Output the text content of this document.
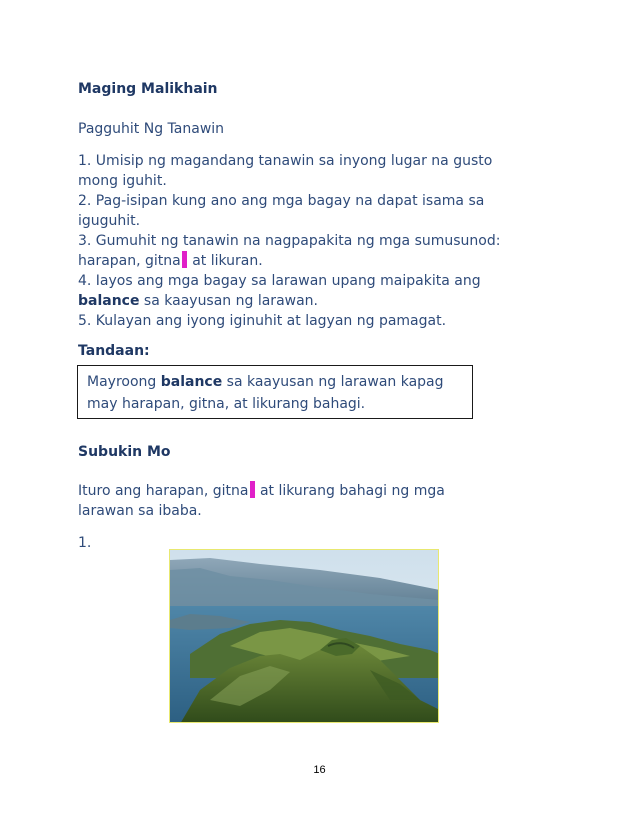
Maging Malikhain
Pagguhit Ng Tanawin
1. Umisip ng magandang tanawin sa inyong lugar na gusto
mong iguhit.
2. Pag-isipan kung ano ang mga bagay na dapat isama sa
iguguhit.
3. Gumuhit ng tanawin na nagpapakita ng mga sumusunod:
harapan, gitna at likuran.
4. Iayos ang mga bagay sa larawan upang maipakita ang
balance sa kaayusan ng larawan.
5. Kulayan ang iyong iginuhit at lagyan ng pamagat.
Tandaan:
Mayroong balance sa kaayusan ng larawan kapag
may harapan, gitna, at likurang bahagi.
Subukin Mo
Ituro ang harapan, gitna at likurang bahagi ng mga
larawan sa ibaba.
1.
16
